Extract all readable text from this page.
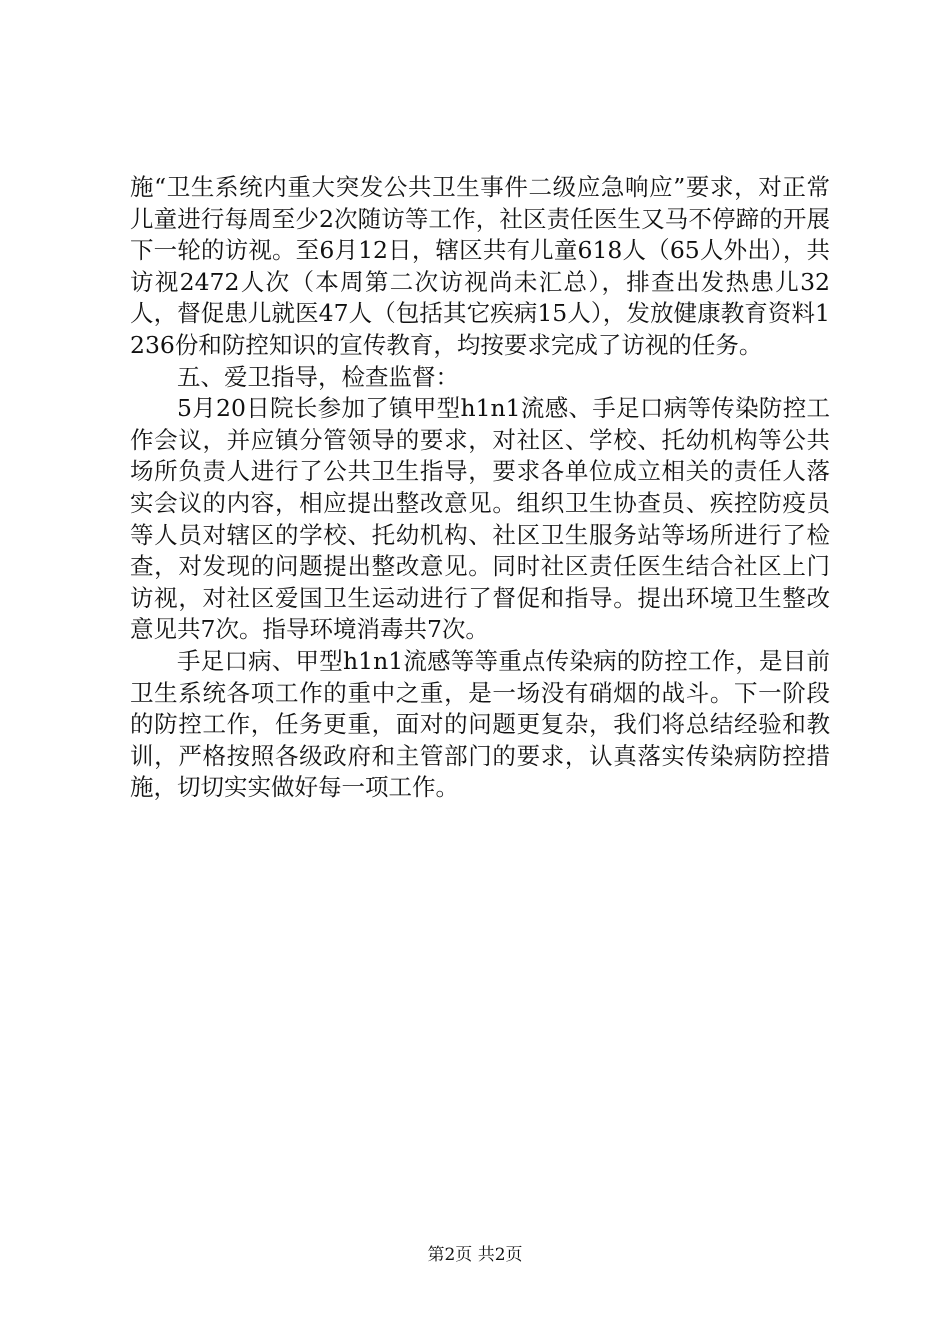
施“卫生系统内重大突发公共卫生事件二级应急响应”要求，对正常儿童进行每周至少2次随访等工作，社区责任医生又马不停蹄的开展下一轮的访视。至6月12日，辖区共有儿童618人（65人外出），共访视2472人次（本周第二次访视尚未汇总），排查出发热患儿32人，督促患儿就医47人（包括其它疾病15人），发放健康教育资料1236份和防控知识的宣传教育，均按要求完成了访视的任务。

五、爱卫指导，检查监督：

5月20日院长参加了镇甲型h1n1流感、手足口病等传染防控工作会议，并应镇分管领导的要求，对社区、学校、托幼机构等公共场所负责人进行了公共卫生指导，要求各单位成立相关的责任人落实会议的内容，相应提出整改意见。组织卫生协查员、疾控防疫员等人员对辖区的学校、托幼机构、社区卫生服务站等场所进行了检查，对发现的问题提出整改意见。同时社区责任医生结合社区上门访视，对社区爱国卫生运动进行了督促和指导。提出环境卫生整改意见共7次。指导环境消毒共7次。

手足口病、甲型h1n1流感等等重点传染病的防控工作，是目前卫生系统各项工作的重中之重，是一场没有硝烟的战斗。下一阶段的防控工作，任务更重，面对的问题更复杂，我们将总结经验和教训，严格按照各级政府和主管部门的要求，认真落实传染病防控措施，切切实实做好每一项工作。

第2页 共2页
